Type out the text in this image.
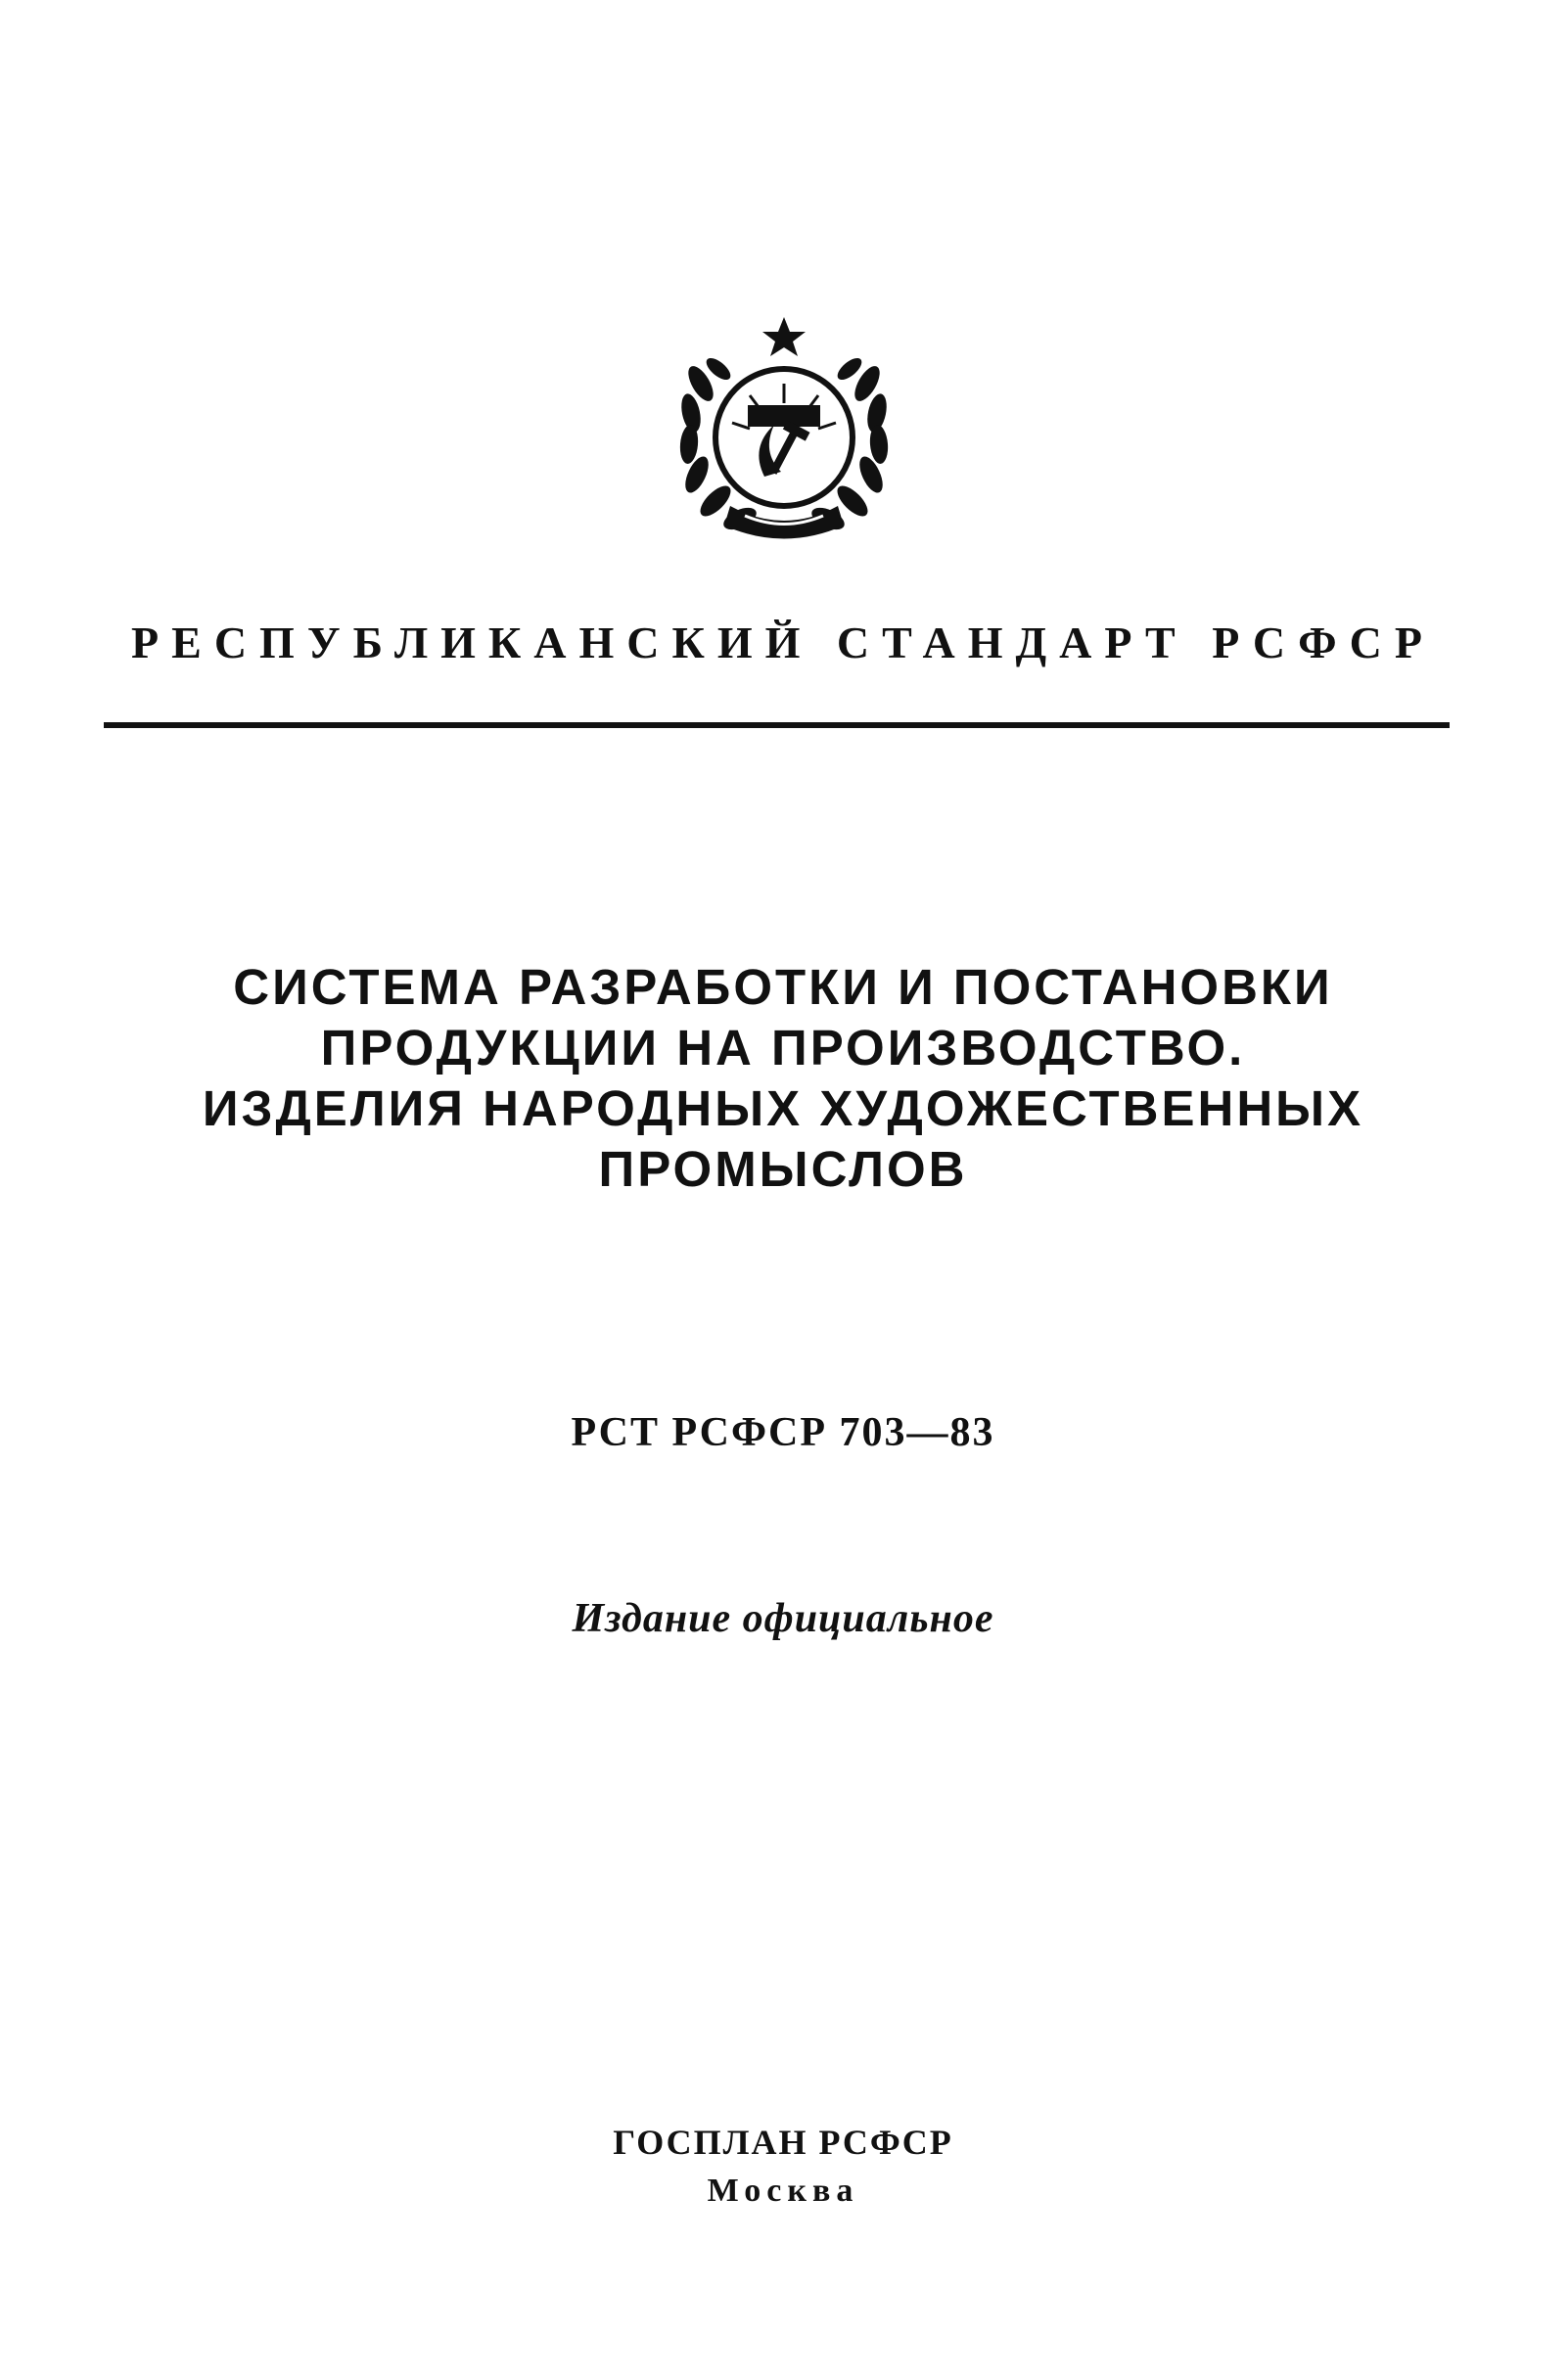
РЕСПУБЛИКАНСКИЙ СТАНДАРТ РСФСР
СИСТЕМА РАЗРАБОТКИ И ПОСТАНОВКИ
ПРОДУКЦИИ НА ПРОИЗВОДСТВО.
ИЗДЕЛИЯ НАРОДНЫХ ХУДОЖЕСТВЕННЫХ
ПРОМЫСЛОВ
РСТ РСФСР 703—83
Издание официальное
ГОСПЛАН РСФСР
Москва
